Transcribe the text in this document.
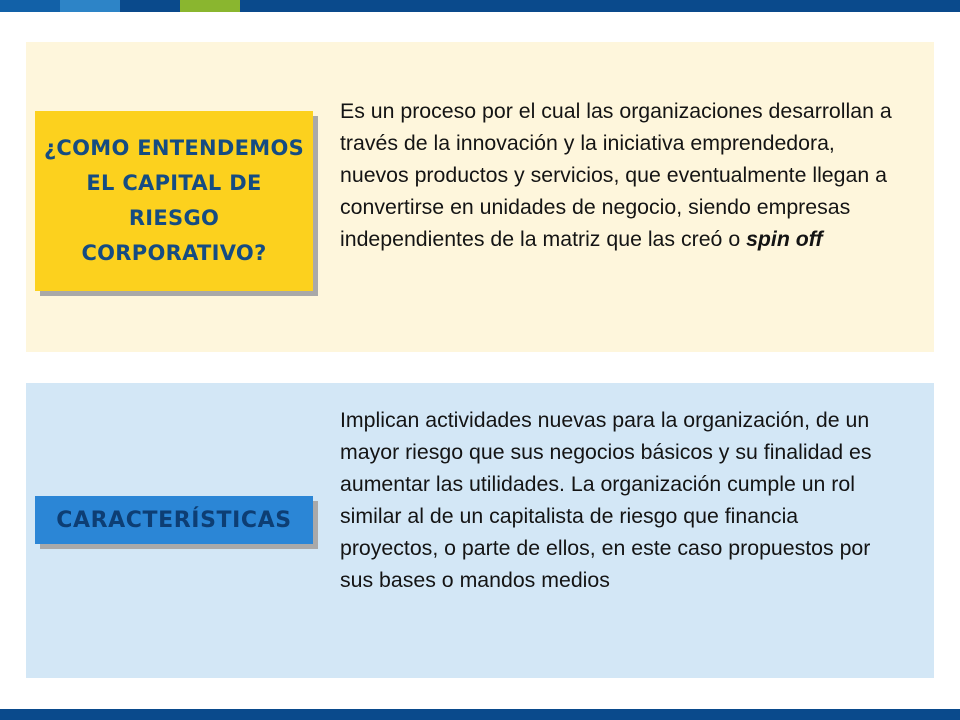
¿COMO ENTENDEMOS EL CAPITAL DE RIESGO CORPORATIVO?

Es un proceso por el cual las organizaciones desarrollan a través de la innovación y la iniciativa emprendedora, nuevos productos y servicios, que eventualmente llegan a convertirse en unidades de negocio, siendo empresas independientes de la matriz que las creó o spin off

CARACTERÍSTICAS

Implican actividades nuevas para la organización, de un mayor riesgo que sus negocios básicos y su finalidad es aumentar las utilidades. La organización cumple un rol similar al de un capitalista de riesgo que financia proyectos, o parte de ellos, en este caso propuestos por sus bases o mandos medios
